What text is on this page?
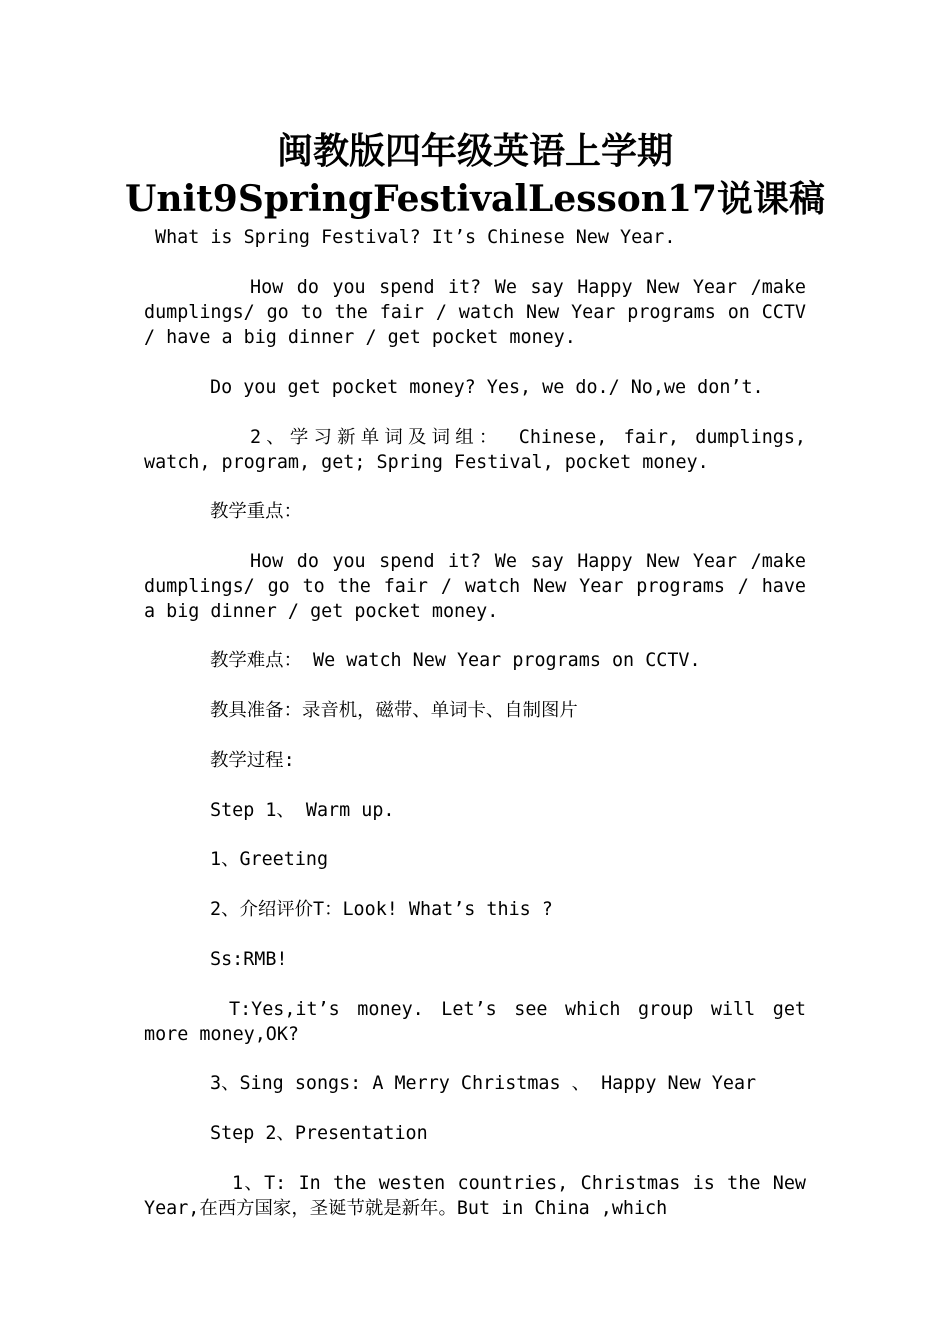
闽教版四年级英语上学期
Unit9SpringFestivalLesson17说课稿

What is Spring Festival? It’s Chinese New Year.

How do you spend it? We say Happy New Year /make dumplings/ go to the fair / watch New Year programs on CCTV / have a big dinner / get pocket money.

Do you get pocket money? Yes, we do./ No,we don’t.

2、学习新单词及词组： Chinese, fair, dumplings, watch, program, get; Spring Festival, pocket money.

教学重点：

How do you spend it? We say Happy New Year /make dumplings/ go to the fair / watch New Year programs / have a big dinner / get pocket money.

教学难点： We watch New Year programs on CCTV.

教具准备：录音机，磁带、单词卡、自制图片

教学过程:

Step 1、 Warm up.

1、Greeting

2、介绍评价T：Look! What’s this ?

Ss:RMB!

T:Yes,it’s money. Let’s see which group will get more money,OK?

3、Sing songs: A Merry Christmas 、 Happy New Year

Step 2、Presentation

1、T: In the westen countries, Christmas is the New Year,在西方国家，圣诞节就是新年。But in China ,which
